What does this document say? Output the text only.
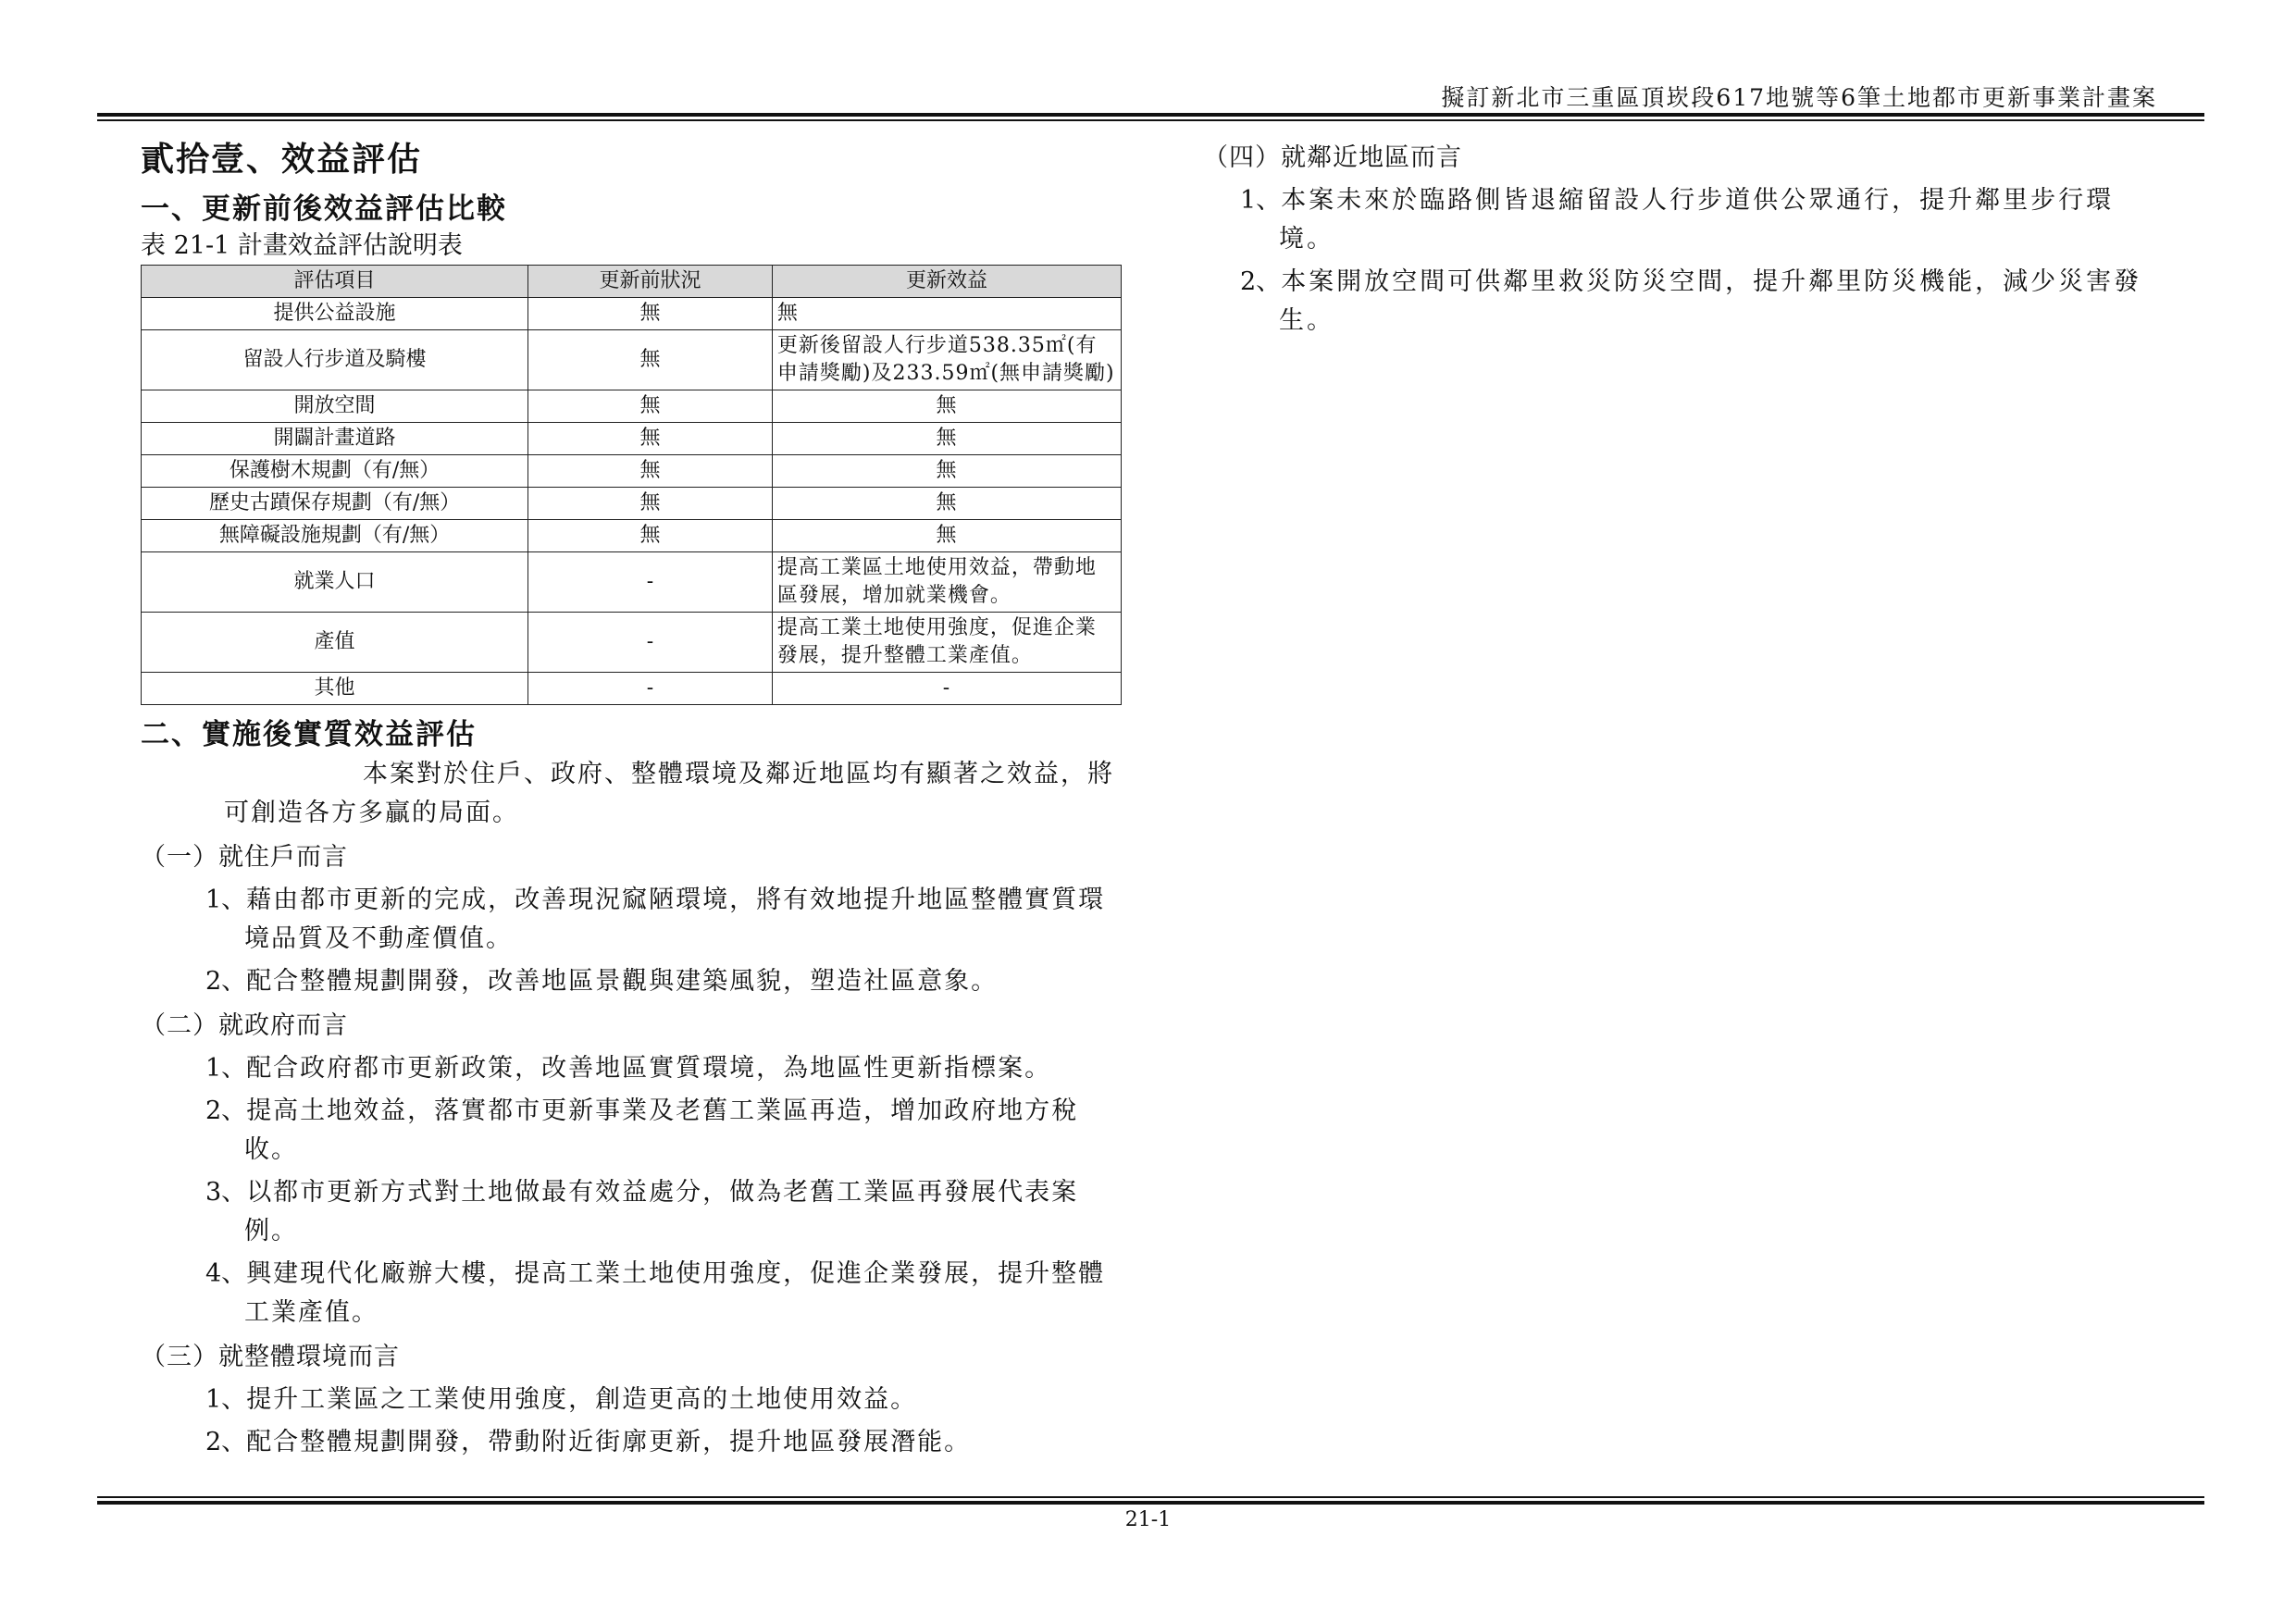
擬訂新北市三重區頂崁段617地號等6筆土地都市更新事業計畫案
貳拾壹、效益評估
一、更新前後效益評估比較
表 21-1 計畫效益評估說明表
評估項目	更新前狀況	更新效益
提供公益設施	無	無
留設人行步道及騎樓	無	更新後留設人行步道538.35㎡(有申請獎勵)及233.59㎡(無申請獎勵)
開放空間	無	無
開闢計畫道路	無	無
保護樹木規劃（有/無）	無	無
歷史古蹟保存規劃（有/無）	無	無
無障礙設施規劃（有/無）	無	無
就業人口	-	提高工業區土地使用效益，帶動地區發展，增加就業機會。
產值	-	提高工業土地使用強度，促進企業發展，提升整體工業產值。
其他	-	-
二、實施後實質效益評估

本案對於住戶、政府、整體環境及鄰近地區均有顯著之效益，將可創造各方多贏的局面。

（一）就住戶而言
1、藉由都市更新的完成，改善現況窳陋環境，將有效地提升地區整體實質環境品質及不動產價值。
2、配合整體規劃開發，改善地區景觀與建築風貌，塑造社區意象。
（二）就政府而言
1、配合政府都市更新政策，改善地區實質環境，為地區性更新指標案。
2、提高土地效益，落實都市更新事業及老舊工業區再造，增加政府地方稅收。
3、以都市更新方式對土地做最有效益處分，做為老舊工業區再發展代表案例。
4、興建現代化廠辦大樓，提高工業土地使用強度，促進企業發展，提升整體工業產值。
（三）就整體環境而言
1、提升工業區之工業使用強度，創造更高的土地使用效益。
2、配合整體規劃開發，帶動附近街廓更新，提升地區發展潛能。
（四）就鄰近地區而言
1、本案未來於臨路側皆退縮留設人行步道供公眾通行，提升鄰里步行環境。
2、本案開放空間可供鄰里救災防災空間，提升鄰里防災機能，減少災害發生。
21-1
